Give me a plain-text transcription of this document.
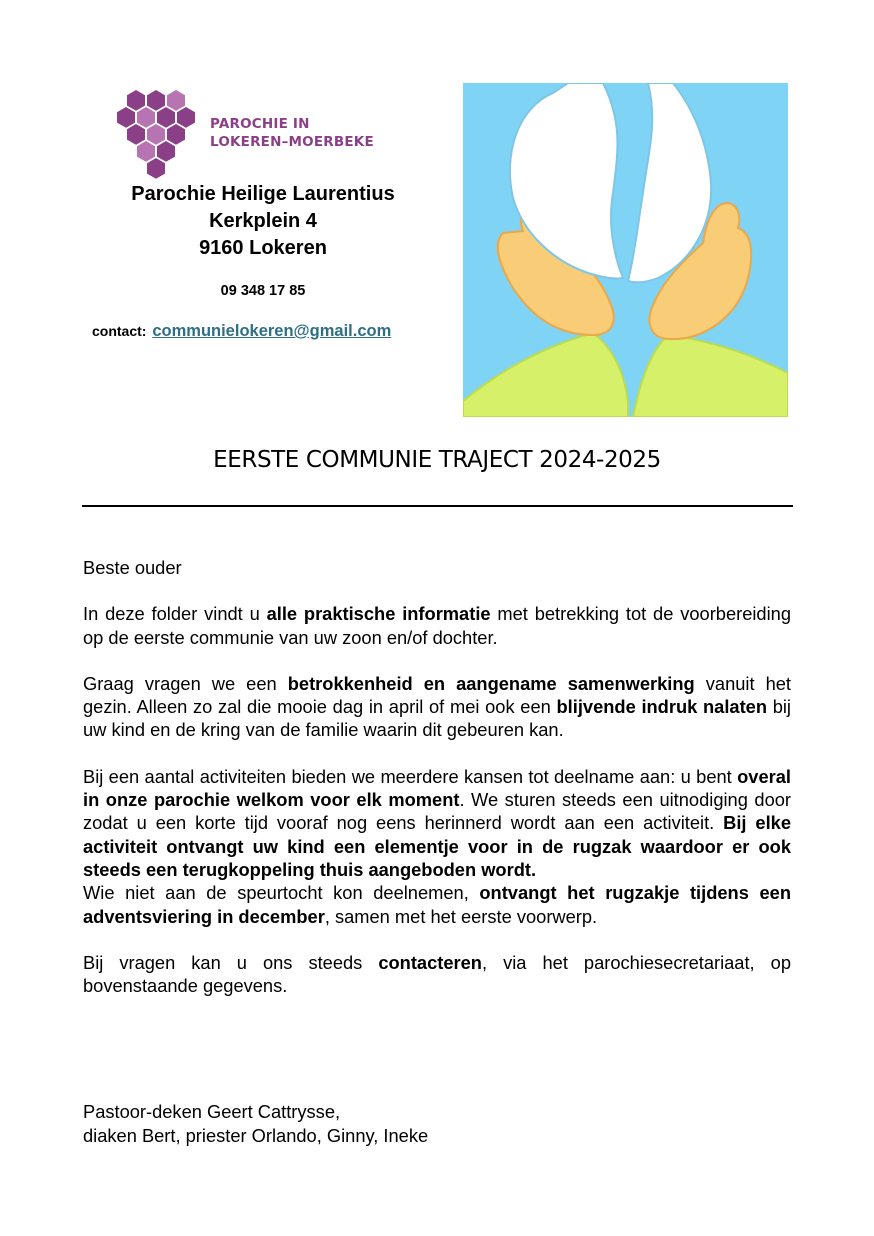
PAROCHIE IN
LOKEREN–MOERBEKE
Parochie Heilige Laurentius
Kerkplein 4
9160 Lokeren
09 348 17 85
contact: communielokeren@gmail.com
EERSTE COMMUNIE TRAJECT 2024-2025

Beste ouder

In deze folder vindt u alle praktische informatie met betrekking tot de voorbereiding op de eerste communie van uw zoon en/of dochter.

Graag vragen we een betrokkenheid en aangename samenwerking vanuit het gezin. Alleen zo zal die mooie dag in april of mei ook een blijvende indruk nalaten bij uw kind en de kring van de familie waarin dit gebeuren kan.

Bij een aantal activiteiten bieden we meerdere kansen tot deelname aan: u bent overal in onze parochie welkom voor elk moment. We sturen steeds een uitnodiging door zodat u een korte tijd vooraf nog eens herinnerd wordt aan een activiteit. Bij elke activiteit ontvangt uw kind een elementje voor in de rugzak waardoor er ook steeds een terugkoppeling thuis aangeboden wordt.

Wie niet aan de speurtocht kon deelnemen, ontvangt het rugzakje tijdens een adventsviering in december, samen met het eerste voorwerp.

Bij vragen kan u ons steeds contacteren, via het parochiesecretariaat, op bovenstaande gegevens.

Pastoor-deken Geert Cattrysse,
diaken Bert, priester Orlando, Ginny, Ineke
